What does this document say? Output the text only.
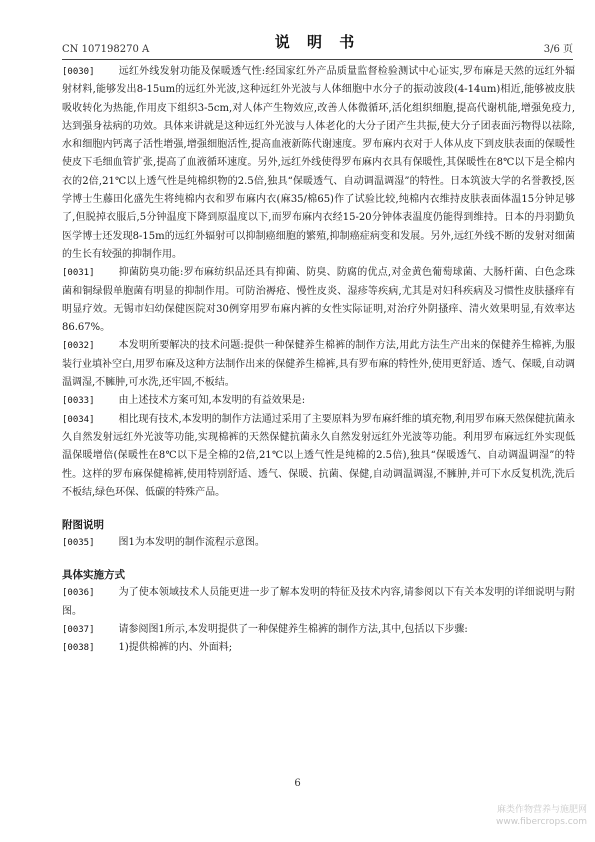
CN 107198270 A	说 明 书	3/6 页

[0030] 远红外线发射功能及保暖透气性:经国家红外产品质量监督检验测试中心证实,罗布麻是天然的远红外辐射材料,能够发出8-15um的远红外光波,这种远红外光波与人体细胞中水分子的振动波段(4-14um)相近,能够被皮肤吸收转化为热能,作用皮下组织3-5cm,对人体产生物效应,改善人体微循环,活化组织细胞,提高代谢机能,增强免疫力,达到强身祛病的功效。具体来讲就是这种远红外光波与人体老化的大分子团产生共振,使大分子团表面污物得以祛除,水和细胞内钙离子活性增强,增强细胞活性,提高血液新陈代谢速度。罗布麻内衣对于人体从皮下到皮肤表面的保暖性使皮下毛细血管扩张,提高了血液循环速度。另外,远红外线使得罗布麻内衣具有保暖性,其保暖性在8℃以下是全棉内衣的2倍,21℃以上透气性是纯棉织物的2.5倍,独具“保暖透气、自动调温调湿”的特性。日本筑波大学的名誉教授,医学博士生藤田化盛先生将纯棉内衣和罗布麻内衣(麻35/棉65)作了试验比较,纯棉内衣维持皮肤表面体温15分钟足够了,但脱掉衣服后,5分钟温度下降到原温度以下,而罗布麻内衣经15-20分钟体表温度仍能得到维持。日本的丹羽勤负医学博士还发现8-15m的远红外辐射可以抑制癌细胞的繁殖,抑制癌症病变和发展。另外,远红外线不断的发射对细菌的生长有较强的抑制作用。

[0031] 抑菌防臭功能:罗布麻纺织品还具有抑菌、防臭、防腐的优点,对金黄色葡萄球菌、大肠杆菌、白色念珠菌和铜绿假单胞菌有明显的抑制作用。可防治褥疮、慢性皮炎、湿疹等疾病,尤其是对妇科疾病及习惯性皮肤搔痒有明显疗效。无锡市妇幼保健医院对30例穿用罗布麻内裤的女性实际证明,对治疗外阴搔痒、清火效果明显,有效率达86.67%。

[0032] 本发明所要解决的技术问题:提供一种保健养生棉裤的制作方法,用此方法生产出来的保健养生棉裤,为服装行业填补空白,用罗布麻及这种方法制作出来的保健养生棉裤,具有罗布麻的特性外,使用更舒适、透气、保暖,自动调温调湿,不臃肿,可水洗,还牢固,不板结。

[0033] 由上述技术方案可知,本发明的有益效果是:

[0034] 相比现有技术,本发明的制作方法通过采用了主要原料为罗布麻纤维的填充物,利用罗布麻天然保健抗菌永久自然发射远红外光波等功能,实现棉裤的天然保健抗菌永久自然发射远红外光波等功能。利用罗布麻远红外实现低温保暖增倍(保暖性在8℃以下是全棉的2倍,21℃以上透气性是纯棉的2.5倍),独具“保暖透气、自动调温调湿”的特性。这样的罗布麻保健棉裤,使用特别舒适、透气、保暖、抗菌、保健,自动调温调湿,不臃肿,并可下水反复机洗,洗后不板结,绿色环保、低碳的特殊产品。

附图说明

[0035] 图1为本发明的制作流程示意图。

具体实施方式

[0036] 为了使本领域技术人员能更进一步了解本发明的特征及技术内容,请参阅以下有关本发明的详细说明与附图。

[0037] 请参阅图1所示,本发明提供了一种保健养生棉裤的制作方法,其中,包括以下步骤:

[0038] 1)提供棉裤的内、外面料;

6
麻类作物营养与施肥网
www.fibercrops.com
